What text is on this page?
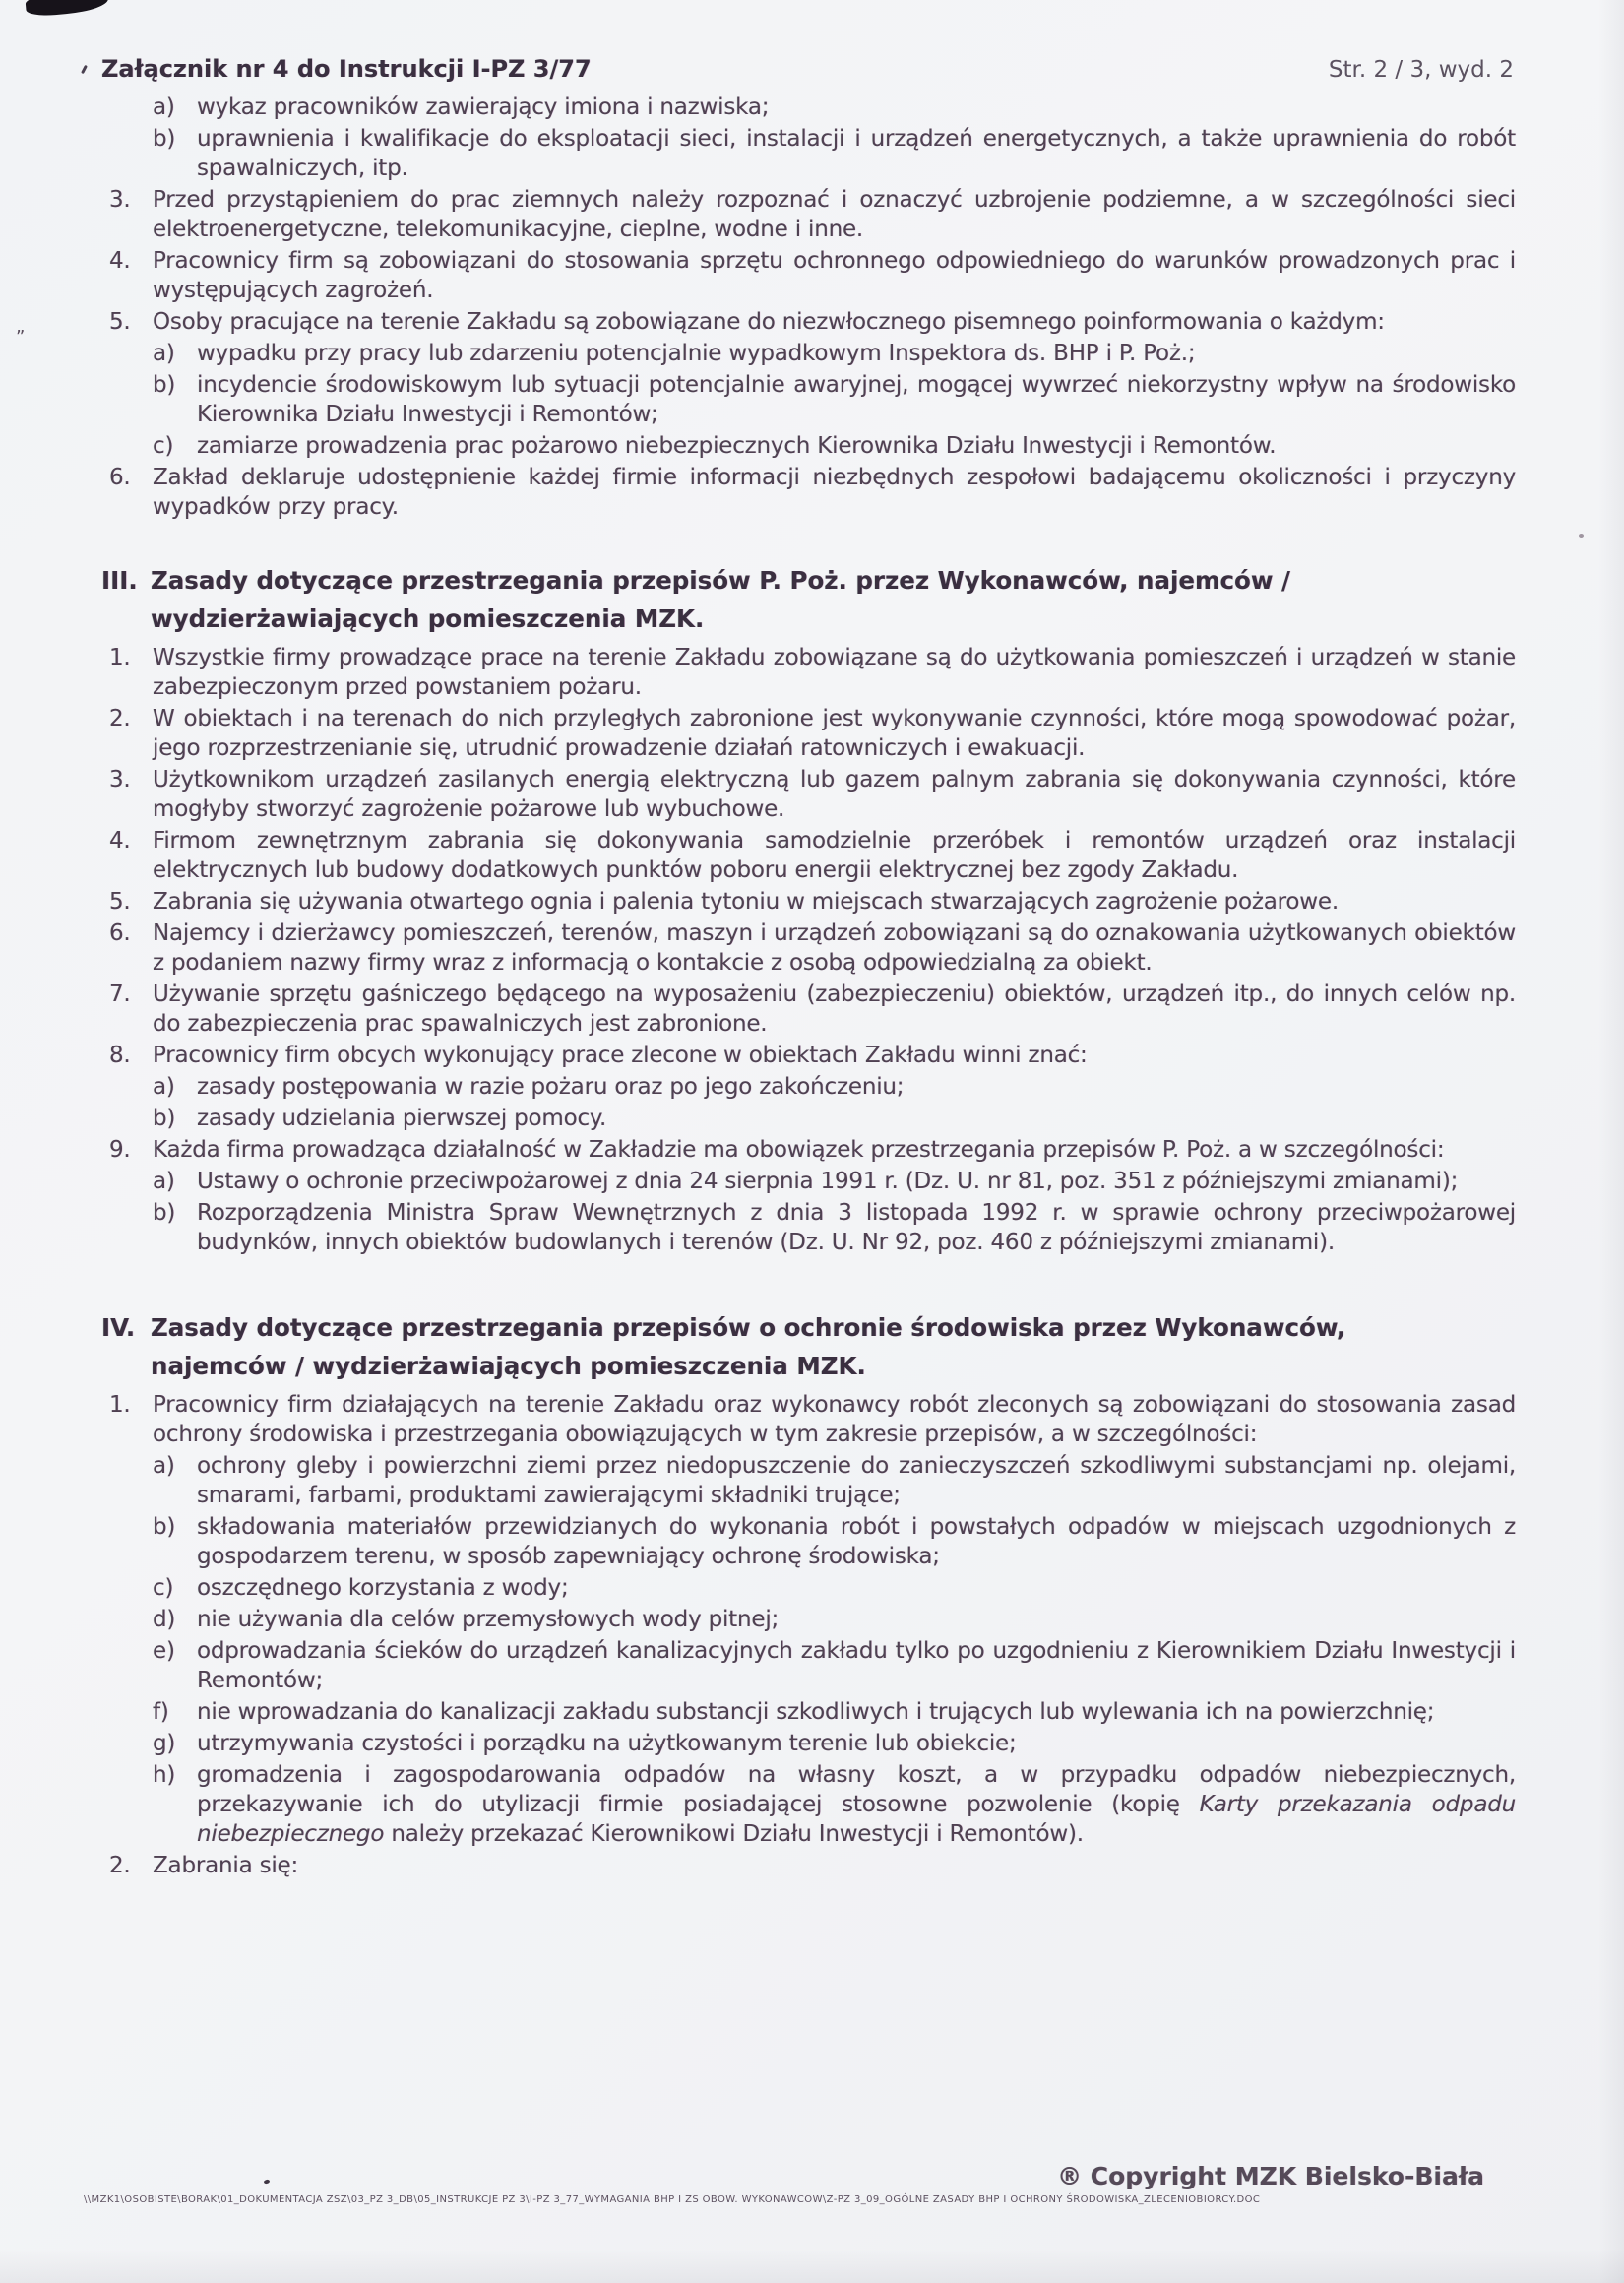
”
Załącznik nr 4 do Instrukcji I-PZ 3/77	Str. 2 / 3, wyd. 2
a) wykaz pracowników zawierający imiona i nazwiska;
b) uprawnienia i kwalifikacje do eksploatacji sieci, instalacji i urządzeń energetycznych, a także uprawnienia do robót spawalniczych, itp.
3. Przed przystąpieniem do prac ziemnych należy rozpoznać i oznaczyć uzbrojenie podziemne, a w szczególności sieci elektroenergetyczne, telekomunikacyjne, cieplne, wodne i inne.
4. Pracownicy firm są zobowiązani do stosowania sprzętu ochronnego odpowiedniego do warunków prowadzonych prac i występujących zagrożeń.
5. Osoby pracujące na terenie Zakładu są zobowiązane do niezwłocznego pisemnego poinformowania o każdym:
a) wypadku przy pracy lub zdarzeniu potencjalnie wypadkowym Inspektora ds. BHP i P. Poż.;
b) incydencie środowiskowym lub sytuacji potencjalnie awaryjnej, mogącej wywrzeć niekorzystny wpływ na środowisko Kierownika Działu Inwestycji i Remontów;
c)	zamiarze prowadzenia prac pożarowo niebezpiecznych Kierownika Działu Inwestycji i Remontów.
6. Zakład deklaruje udostępnienie każdej firmie informacji niezbędnych zespołowi badającemu okoliczności i przyczyny wypadków przy pracy.
III. Zasady dotyczące przestrzegania przepisów P. Poż. przez Wykonawców, najemców /
wydzierżawiających pomieszczenia MZK.
1. Wszystkie firmy prowadzące prace na terenie Zakładu zobowiązane są do użytkowania pomieszczeń i urządzeń w stanie zabezpieczonym przed powstaniem pożaru.
2. W obiektach i na terenach do nich przyległych zabronione jest wykonywanie czynności, które mogą spowodować pożar, jego rozprzestrzenianie się, utrudnić prowadzenie działań ratowniczych i ewakuacji.
3. Użytkownikom urządzeń zasilanych energią elektryczną lub gazem palnym zabrania się dokonywania czynności, które mogłyby stworzyć zagrożenie pożarowe lub wybuchowe.
4. Firmom zewnętrznym zabrania się dokonywania samodzielnie przeróbek i remontów urządzeń oraz instalacji elektrycznych lub budowy dodatkowych punktów poboru energii elektrycznej bez zgody Zakładu.
5. Zabrania się używania otwartego ognia i palenia tytoniu w miejscach stwarzających zagrożenie pożarowe.
6. Najemcy i dzierżawcy pomieszczeń, terenów, maszyn i urządzeń zobowiązani są do oznakowania użytkowanych obiektów z podaniem nazwy firmy wraz z informacją o kontakcie z osobą odpowiedzialną za obiekt.
7. Używanie sprzętu gaśniczego będącego na wyposażeniu (zabezpieczeniu) obiektów, urządzeń itp., do innych celów np. do zabezpieczenia prac spawalniczych jest zabronione.
8. Pracownicy firm obcych wykonujący prace zlecone w obiektach Zakładu winni znać:
a) zasady postępowania w razie pożaru oraz po jego zakończeniu;
b) zasady udzielania pierwszej pomocy.
9. Każda firma prowadząca działalność w Zakładzie ma obowiązek przestrzegania przepisów P. Poż. a w szczególności:
a) Ustawy o ochronie przeciwpożarowej z dnia 24 sierpnia 1991 r. (Dz. U. nr 81, poz. 351 z późniejszymi zmianami);
b) Rozporządzenia Ministra Spraw Wewnętrznych z dnia 3 listopada 1992 r. w sprawie ochrony przeciwpożarowej budynków, innych obiektów budowlanych i terenów (Dz. U. Nr 92, poz. 460 z późniejszymi zmianami).
IV. Zasady dotyczące przestrzegania przepisów o ochronie środowiska przez Wykonawców,
najemców / wydzierżawiających pomieszczenia MZK.
1. Pracownicy firm działających na terenie Zakładu oraz wykonawcy robót zleconych są zobowiązani do stosowania zasad ochrony środowiska i przestrzegania obowiązujących w tym zakresie przepisów, a w szczególności:
a) ochrony gleby i powierzchni ziemi przez niedopuszczenie do zanieczyszczeń szkodliwymi substancjami np. olejami, smarami, farbami, produktami zawierającymi składniki trujące;
b) składowania materiałów przewidzianych do wykonania robót i powstałych odpadów w miejscach uzgodnionych z gospodarzem terenu, w sposób zapewniający ochronę środowiska;
c)	oszczędnego korzystania z wody;
d) nie używania dla celów przemysłowych wody pitnej;
e) odprowadzania ścieków do urządzeń kanalizacyjnych zakładu tylko po uzgodnieniu z Kierownikiem Działu Inwestycji i Remontów;
f)	nie wprowadzania do kanalizacji zakładu substancji szkodliwych i trujących lub wylewania ich na powierzchnię;
g) utrzymywania czystości i porządku na użytkowanym terenie lub obiekcie;
h) gromadzenia i zagospodarowania odpadów na własny koszt, a w przypadku odpadów niebezpiecznych, przekazywanie ich do utylizacji firmie posiadającej stosowne pozwolenie (kopię Karty przekazania odpadu niebezpiecznego należy przekazać Kierownikowi Działu Inwestycji i Remontów).
2. Zabrania się:
® Copyright MZK Bielsko-Biała
\\MZK1\OSOBISTE\BORAK\01_DOKUMENTACJA ZSZ\03_PZ 3_DB\05_INSTRUKCJE PZ 3\I-PZ 3_77_WYMAGANIA BHP I ZS OBOW. WYKONAWCOW\Z-PZ 3_09_OGÓLNE ZASADY BHP I OCHRONY ŚRODOWISKA_ZLECENIOBIORCY.DOC
